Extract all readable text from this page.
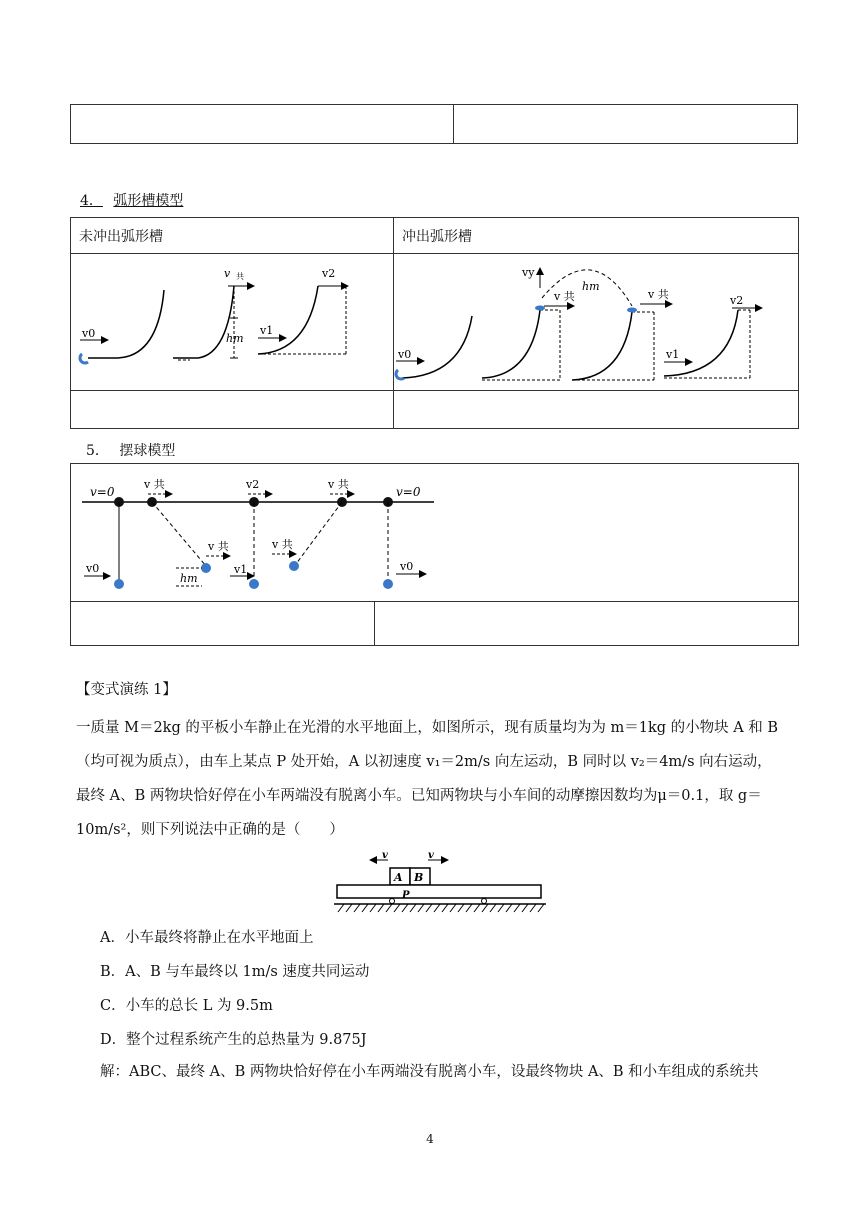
4． 弧形槽模型
未冲出弧形槽	冲出弧形槽

v0
v 共
hm
v2
v1
v0
vy
v 共
hm
v 共	v2
v1
5． 摆球模型

v=0
v0
v 共
v 共
hm
v2
v1
v 共
v 共
v=0
v0
【变式演练 1】
一质量 M＝2kg 的平板小车静止在光滑的水平地面上，如图所示，现有质量均为为 m＝1kg 的小物块 A 和 B
（均可视为质点），由车上某点 P 处开始，A 以初速度 v₁＝2m/s 向左运动，B 同时以 v₂＝4m/s 向右运动，
最终 A、B 两物块恰好停在小车两端没有脱离小车。已知两物块与小车间的动摩擦因数均为μ＝0.1，取 g＝
10m/s²，则下列说法中正确的是（　　）
v	v
A B
P
A．小车最终将静止在水平地面上
B．A、B 与车最终以 1m/s 速度共同运动
C．小车的总长 L 为 9.5m
D．整个过程系统产生的总热量为 9.875J
解：ABC、最终 A、B 两物块恰好停在小车两端没有脱离小车，设最终物块 A、B 和小车组成的系统共
4
